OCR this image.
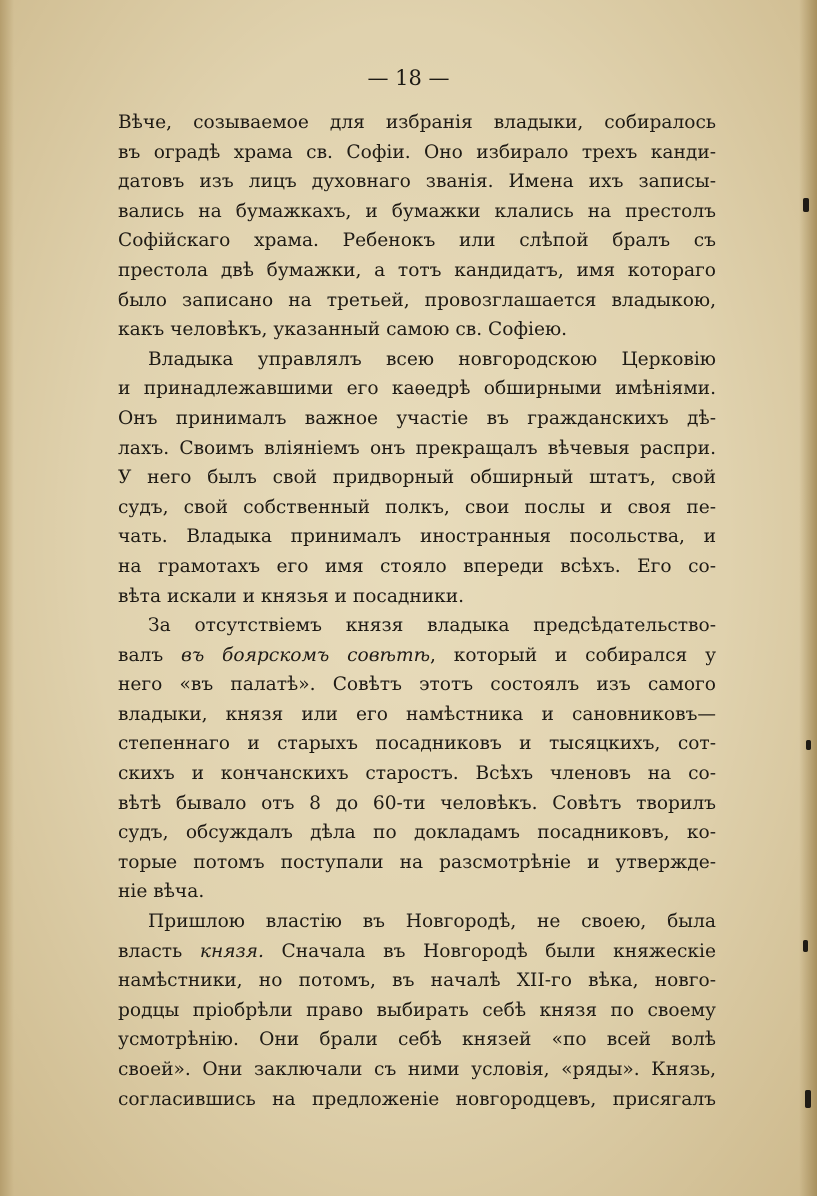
— 18 —

Вѣче, созываемое для избранія владыки, собиралось
въ оградѣ храма св. Софіи. Оно избирало трехъ канди-
датовъ изъ лицъ духовнаго званія. Имена ихъ записы-
вались на бумажкахъ, и бумажки клались на престолъ
Софійскаго храма. Ребенокъ или слѣпой бралъ съ
престола двѣ бумажки, а тотъ кандидатъ, имя котораго
было записано на третьей, провозглашается владыкою,
какъ человѣкъ, указанный самою св. Софіею.

Владыка управлялъ всею новгородскою Церковію
и принадлежавшими его каѳедрѣ обширными имѣніями.
Онъ принималъ важное участіе въ гражданскихъ дѣ-
лахъ. Своимъ вліяніемъ онъ прекращалъ вѣчевыя распри.
У него былъ свой придворный обширный штатъ, свой
судъ, свой собственный полкъ, свои послы и своя пе-
чать. Владыка принималъ иностранныя посольства, и
на грамотахъ его имя стояло впереди всѣхъ. Его со-
вѣта искали и князья и посадники.

За отсутствіемъ князя владыка предсѣдательство-
валъ въ боярскомъ совѣтѣ, который и собирался у
него «въ палатѣ». Совѣтъ этотъ состоялъ изъ самого
владыки, князя или его намѣстника и сановниковъ—
степеннаго и старыхъ посадниковъ и тысяцкихъ, сот-
скихъ и кончанскихъ старостъ. Всѣхъ членовъ на со-
вѣтѣ бывало отъ 8 до 60-ти человѣкъ. Совѣтъ творилъ
судъ, обсуждалъ дѣла по докладамъ посадниковъ, ко-
торые потомъ поступали на разсмотрѣніе и утвержде-
ніе вѣча.

Пришлою властію въ Новгородѣ, не своею, была
власть князя. Сначала въ Новгородѣ были княжескіе
намѣстники, но потомъ, въ началѣ XII-го вѣка, новго-
родцы пріобрѣли право выбирать себѣ князя по своему
усмотрѣнію. Они брали себѣ князей «по всей волѣ
своей». Они заключали съ ними условія, «ряды». Князь,
согласившись на предложеніе новгородцевъ, присягалъ
